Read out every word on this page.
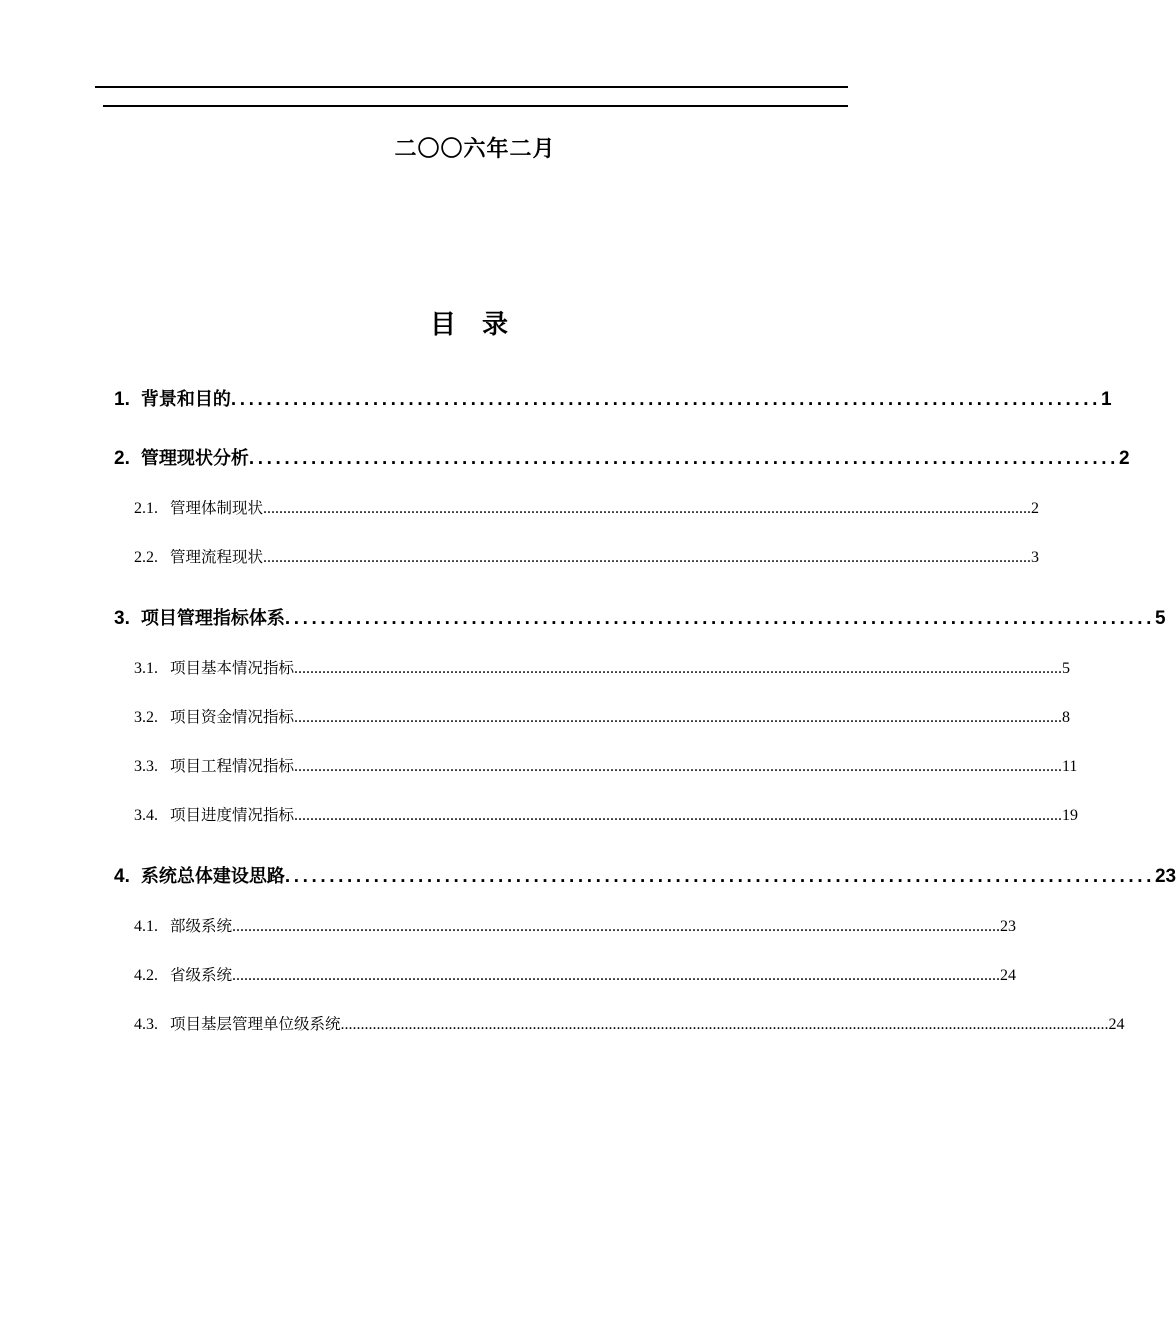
二〇〇六年二月
目录
1. 背景和目的 .................................................................................................. 1
2. 管理现状分析 .................................................................................................. 2
2.1. 管理体制现状 ................................................................................................................................................................................................ 2
2.2. 管理流程现状 ................................................................................................................................................................................................ 3
3. 项目管理指标体系 .................................................................................................. 5
3.1. 项目基本情况指标 ................................................................................................................................................................................................ 5
3.2. 项目资金情况指标 ................................................................................................................................................................................................ 8
3.3. 项目工程情况指标 ................................................................................................................................................................................................ 11
3.4. 项目进度情况指标 ................................................................................................................................................................................................ 19
4. 系统总体建设思路 .................................................................................................. 23
4.1. 部级系统 ................................................................................................................................................................................................ 23
4.2. 省级系统 ................................................................................................................................................................................................ 24
4.3. 项目基层管理单位级系统 ................................................................................................................................................................................................ 24
